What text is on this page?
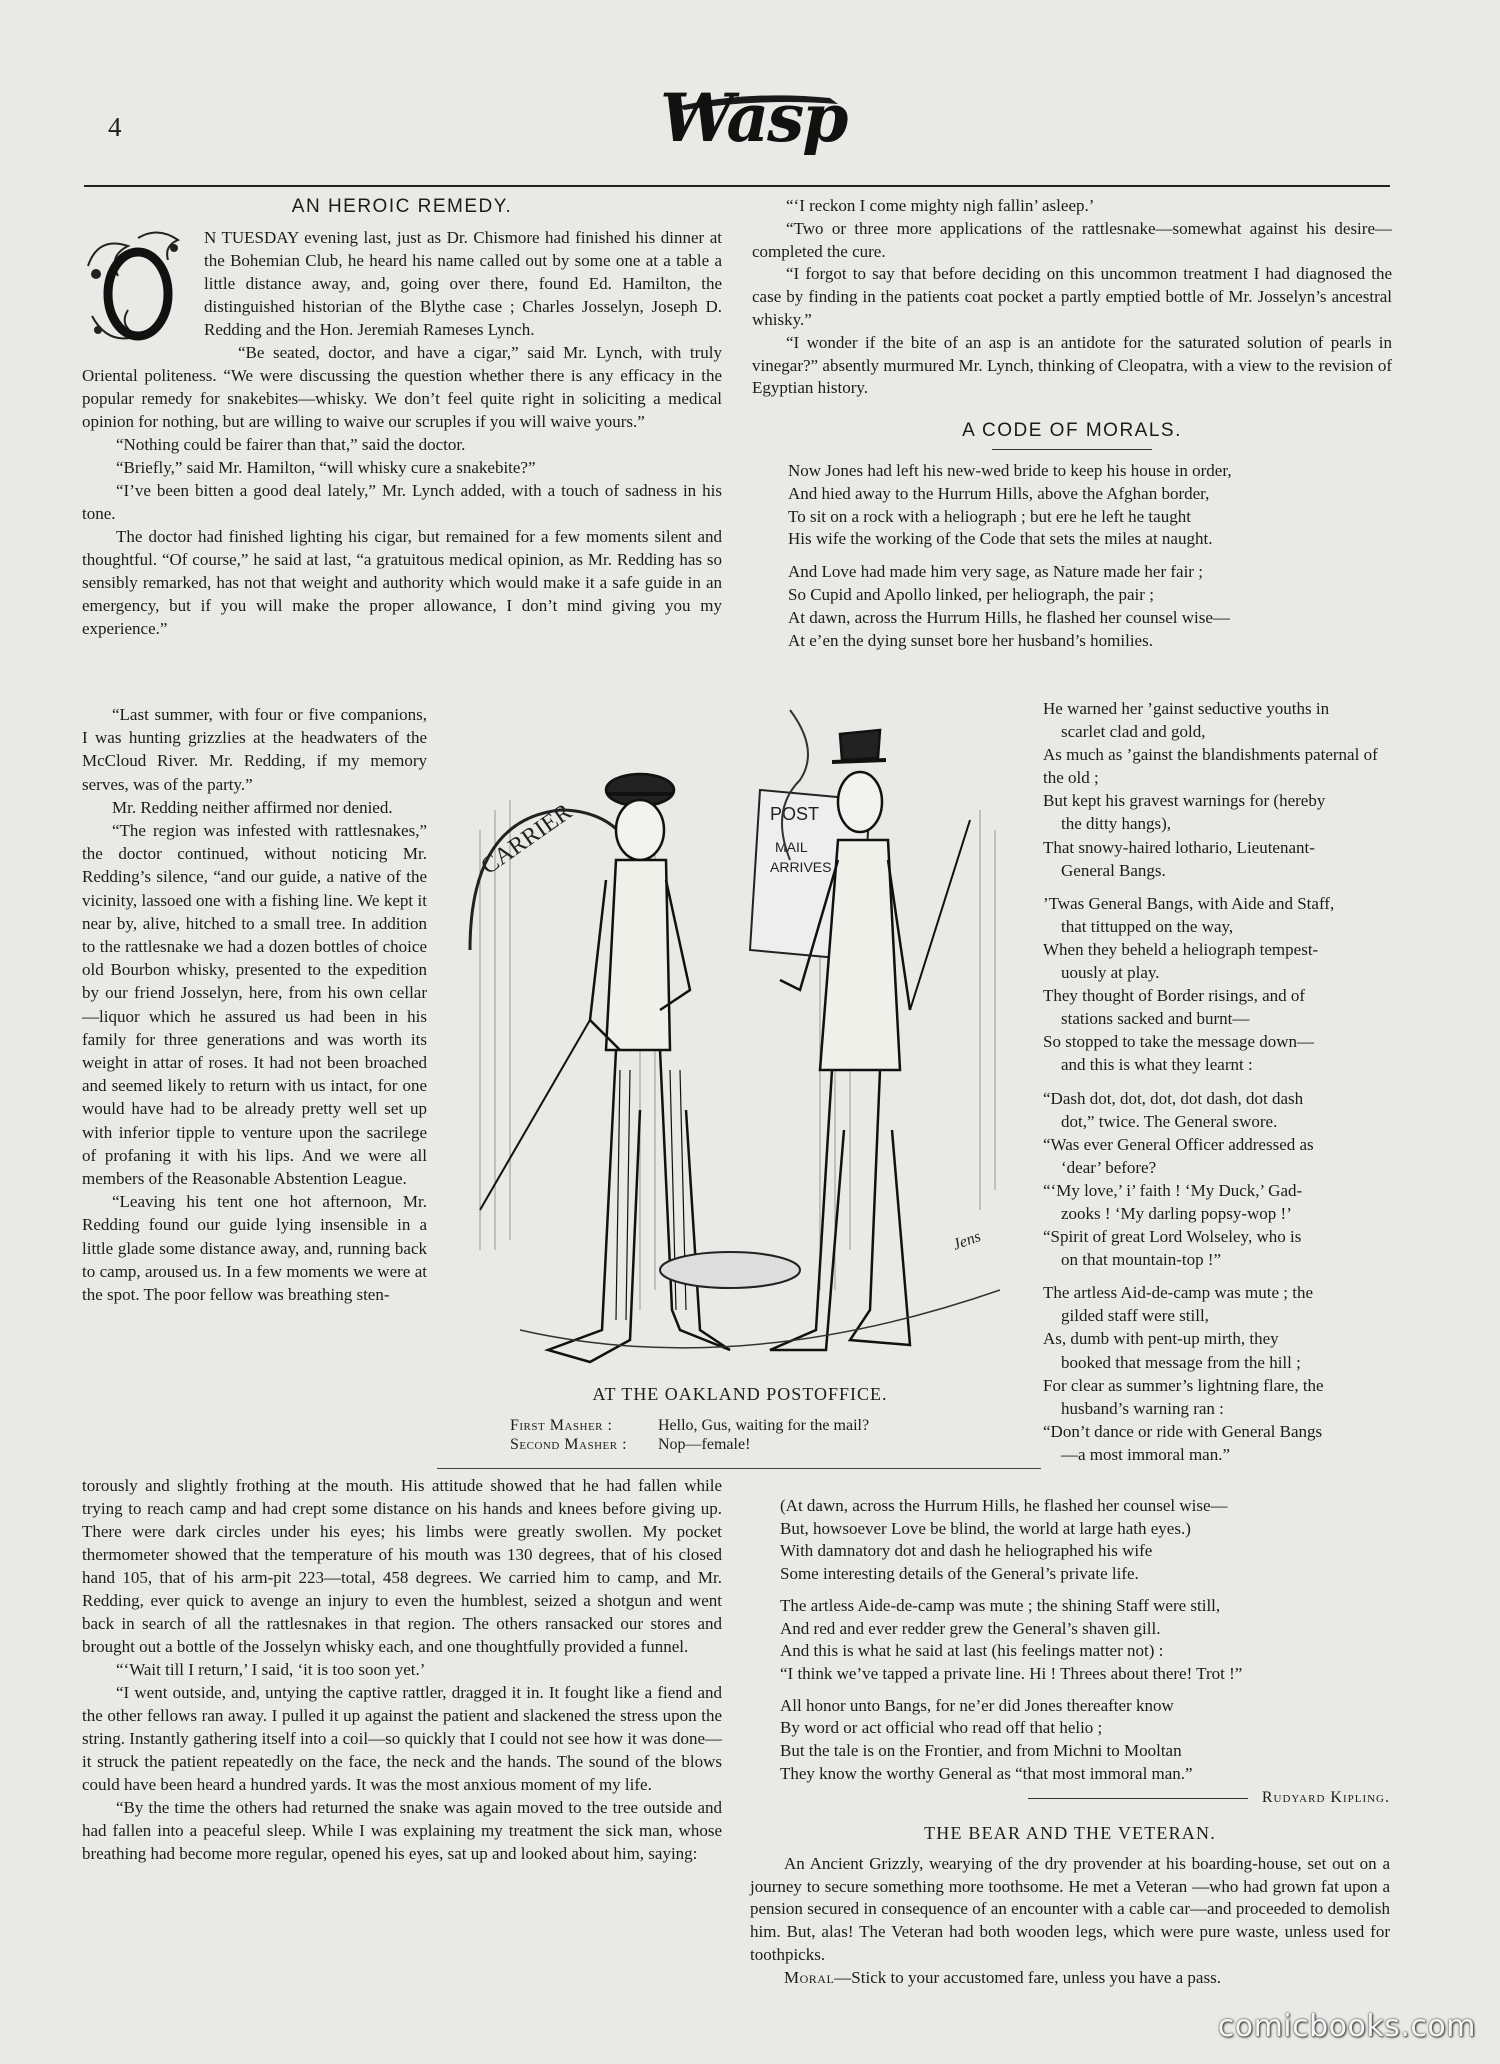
4	Wasp
AN HEROIC REMEDY.

N TUESDAY evening last, just as Dr. Chismore had finished his dinner at the Bohemian Club, he heard his name called out by some one at a table a little distance away, and, going over there, found Ed. Hamilton, the distinguished historian of the Blythe case ; Charles Josselyn, Joseph D. Redding and the Hon. Jeremiah Rameses Lynch.

“Be seated, doctor, and have a cigar,” said Mr. Lynch, with truly Oriental politeness. “We were discussing the question whether there is any efficacy in the popular remedy for snakebites—whisky. We don’t feel quite right in soliciting a medical opinion for nothing, but are willing to waive our scruples if you will waive yours.”

“Nothing could be fairer than that,” said the doctor.

“Briefly,” said Mr. Hamilton, “will whisky cure a snakebite?”

“I’ve been bitten a good deal lately,” Mr. Lynch added, with a touch of sadness in his tone.

The doctor had finished lighting his cigar, but remained for a few moments silent and thoughtful. “Of course,” he said at last, “a gratuitous medical opinion, as Mr. Redding has so sensibly remarked, has not that weight and authority which would make it a safe guide in an emergency, but if you will make the proper allowance, I don’t mind giving you my experience.”

“Last summer, with four or five companions, I was hunting grizzlies at the headwaters of the McCloud River. Mr. Redding, if my memory serves, was of the party.”

Mr. Redding neither affirmed nor denied.

“The region was infested with rattlesnakes,” the doctor continued, without noticing Mr. Redding’s silence, “and our guide, a native of the vicinity, lassoed one with a fishing line. We kept it near by, alive, hitched to a small tree. In addition to the rattlesnake we had a dozen bottles of choice old Bourbon whisky, presented to the expedition by our friend Josselyn, here, from his own cellar—liquor which he assured us had been in his family for three generations and was worth its weight in attar of roses. It had not been broached and seemed likely to return with us intact, for one would have had to be already pretty well set up with inferior tipple to venture upon the sacrilege of profaning it with his lips. And we were all members of the Reasonable Abstention League.

“Leaving his tent one hot afternoon, Mr. Redding found our guide lying insensible in a little glade some distance away, and, running back to camp, aroused us. In a few moments we were at the spot. The poor fellow was breathing sten-

torously and slightly frothing at the mouth. His attitude showed that he had fallen while trying to reach camp and had crept some distance on his hands and knees before giving up. There were dark circles under his eyes; his limbs were greatly swollen. My pocket thermometer showed that the temperature of his mouth was 130 degrees, that of his closed hand 105, that of his arm-pit 223—total, 458 degrees. We carried him to camp, and Mr. Redding, ever quick to avenge an injury to even the humblest, seized a shotgun and went back in search of all the rattlesnakes in that region. The others ransacked our stores and brought out a bottle of the Josselyn whisky each, and one thoughtfully provided a funnel.

“‘Wait till I return,’ I said, ‘it is too soon yet.’

“I went outside, and, untying the captive rattler, dragged it in. It fought like a fiend and the other fellows ran away. I pulled it up against the patient and slackened the stress upon the string. Instantly gathering itself into a coil—so quickly that I could not see how it was done—it struck the patient repeatedly on the face, the neck and the hands. The sound of the blows could have been heard a hundred yards. It was the most anxious moment of my life.

“By the time the others had returned the snake was again moved to the tree outside and had fallen into a peaceful sleep. While I was explaining my treatment the sick man, whose breathing had become more regular, opened his eyes, sat up and looked about him, saying:

“‘I reckon I come mighty nigh fallin’ asleep.’

“Two or three more applications of the rattlesnake—somewhat against his desire—completed the cure.

“I forgot to say that before deciding on this uncommon treatment I had diagnosed the case by finding in the patients coat pocket a partly emptied bottle of Mr. Josselyn’s ancestral whisky.”

“I wonder if the bite of an asp is an antidote for the saturated solution of pearls in vinegar?” absently murmured Mr. Lynch, thinking of Cleopatra, with a view to the revision of Egyptian history.

A CODE OF MORALS.
Now Jones had left his new-wed bride to keep his house in order,
And hied away to the Hurrum Hills, above the Afghan border,
To sit on a rock with a heliograph ; but ere he left he taught
His wife the working of the Code that sets the miles at naught.
And Love had made him very sage, as Nature made her fair ;
So Cupid and Apollo linked, per heliograph, the pair ;
At dawn, across the Hurrum Hills, he flashed her counsel wise—
At e’en the dying sunset bore her husband’s homilies.
He warned her ’gainst seductive youths in
scarlet clad and gold,
As much as ’gainst the blandishments paternal of the old ;
But kept his gravest warnings for (hereby
the ditty hangs),
That snowy-haired lothario, Lieutenant-
General Bangs.
’Twas General Bangs, with Aide and Staff,
that tittupped on the way,
When they beheld a heliograph tempest-
uously at play.
They thought of Border risings, and of
stations sacked and burnt—
So stopped to take the message down—
and this is what they learnt :
“Dash dot, dot, dot, dot dash, dot dash
dot,” twice. The General swore.
“Was ever General Officer addressed as
‘dear’ before?
“‘My love,’ i’ faith ! ‘My Duck,’ Gad-
zooks ! ‘My darling popsy-wop !’
“Spirit of great Lord Wolseley, who is
on that mountain-top !”
The artless Aid-de-camp was mute ; the
gilded staff were still,
As, dumb with pent-up mirth, they
booked that message from the hill ;
For clear as summer’s lightning flare, the
husband’s warning ran :
“Don’t dance or ride with General Bangs
—a most immoral man.”
CARRIER	POST
MAIL
ARRIVES
Jens
AT THE OAKLAND POSTOFFICE.
First Masher :	Hello, Gus, waiting for the mail?
Second Masher :	Nop—female!
(At dawn, across the Hurrum Hills, he flashed her counsel wise—
But, howsoever Love be blind, the world at large hath eyes.)
With damnatory dot and dash he heliographed his wife
Some interesting details of the General’s private life.
The artless Aide-de-camp was mute ; the shining Staff were still,
And red and ever redder grew the General’s shaven gill.
And this is what he said at last (his feelings matter not) :
“I think we’ve tapped a private line. Hi ! Threes about there! Trot !”
All honor unto Bangs, for ne’er did Jones thereafter know
By word or act official who read off that helio ;
But the tale is on the Frontier, and from Michni to Mooltan
They know the worthy General as “that most immoral man.”
Rudyard Kipling.
THE BEAR AND THE VETERAN.

An Ancient Grizzly, wearying of the dry provender at his boarding-house, set out on a journey to secure something more toothsome. He met a Veteran —who had grown fat upon a pension secured in consequence of an encounter with a cable car—and proceeded to demolish him. But, alas! The Veteran had both wooden legs, which were pure waste, unless used for toothpicks.

Moral—Stick to your accustomed fare, unless you have a pass.

comicbooks.com
